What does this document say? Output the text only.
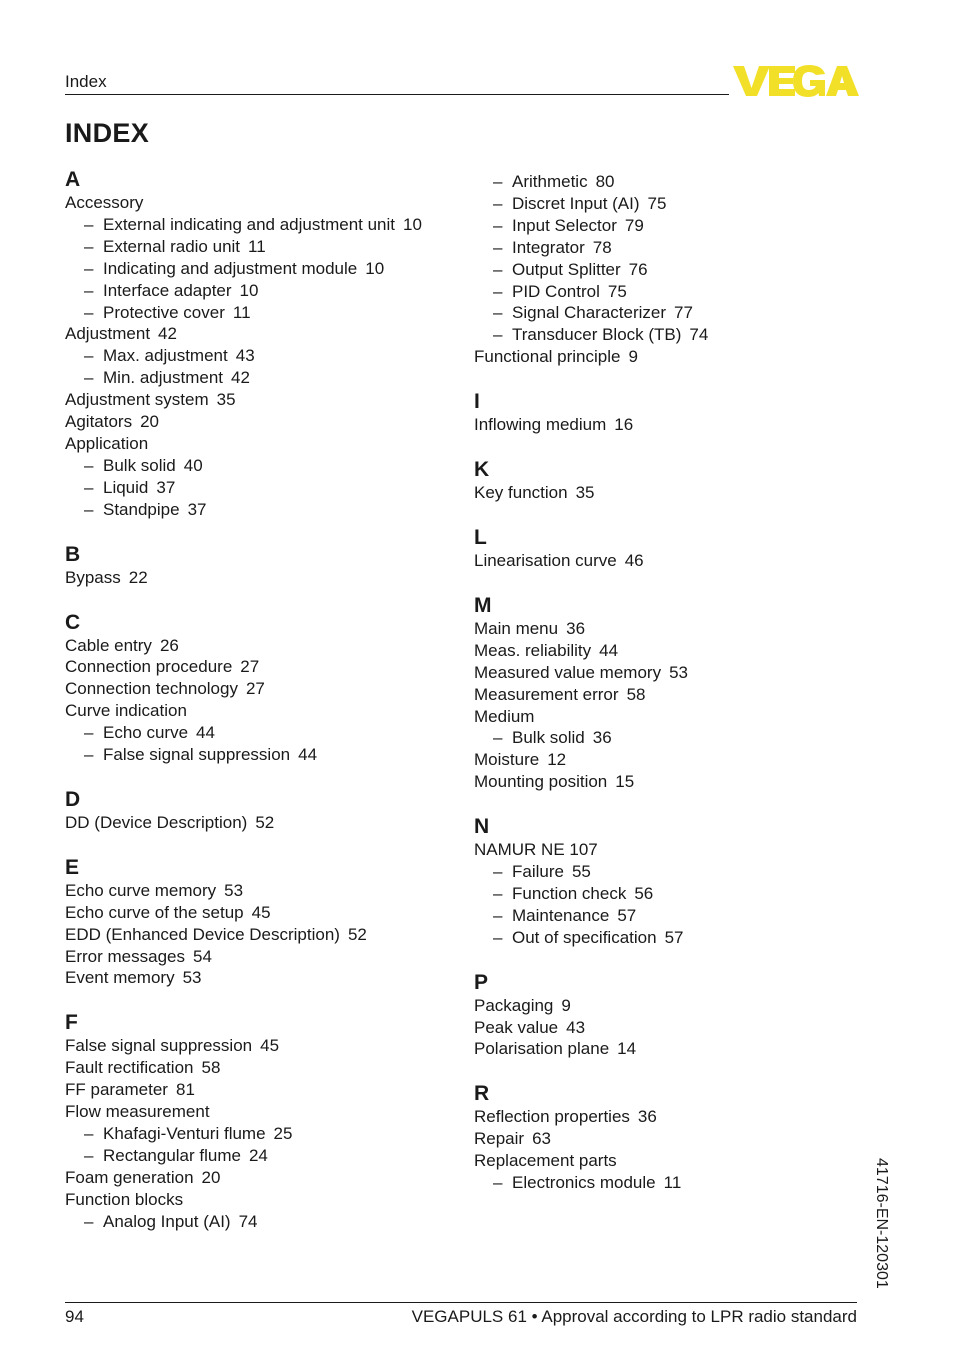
Index
INDEX
A
Accessory
– External indicating and adjustment unit 10
– External radio unit 11
– Indicating and adjustment module 10
– Interface adapter 10
– Protective cover 11
Adjustment 42
– Max. adjustment 43
– Min. adjustment 42
Adjustment system 35
Agitators 20
Application
– Bulk solid 40
– Liquid 37
– Standpipe 37
B
Bypass 22
C
Cable entry 26
Connection procedure 27
Connection technology 27
Curve indication
– Echo curve 44
– False signal suppression 44
D
DD (Device Description) 52
E
Echo curve memory 53
Echo curve of the setup 45
EDD (Enhanced Device Description) 52
Error messages 54
Event memory 53
F
False signal suppression 45
Fault rectification 58
FF parameter 81
Flow measurement
– Khafagi-Venturi flume 25
– Rectangular flume 24
Foam generation 20
Function blocks
– Analog Input (AI) 74
– Arithmetic 80
– Discret Input (AI) 75
– Input Selector 79
– Integrator 78
– Output Splitter 76
– PID Control 75
– Signal Characterizer 77
– Transducer Block (TB) 74
Functional principle 9
I
Inflowing medium 16
K
Key function 35
L
Linearisation curve 46
M
Main menu 36
Meas. reliability 44
Measured value memory 53
Measurement error 58
Medium
– Bulk solid 36
Moisture 12
Mounting position 15
N
NAMUR NE 107
– Failure 55
– Function check 56
– Maintenance 57
– Out of specification 57
P
Packaging 9
Peak value 43
Polarisation plane 14
R
Reflection properties 36
Repair 63
Replacement parts
– Electronics module 11
94	VEGAPULS 61 • Approval according to LPR radio standard
41716-EN-120301
